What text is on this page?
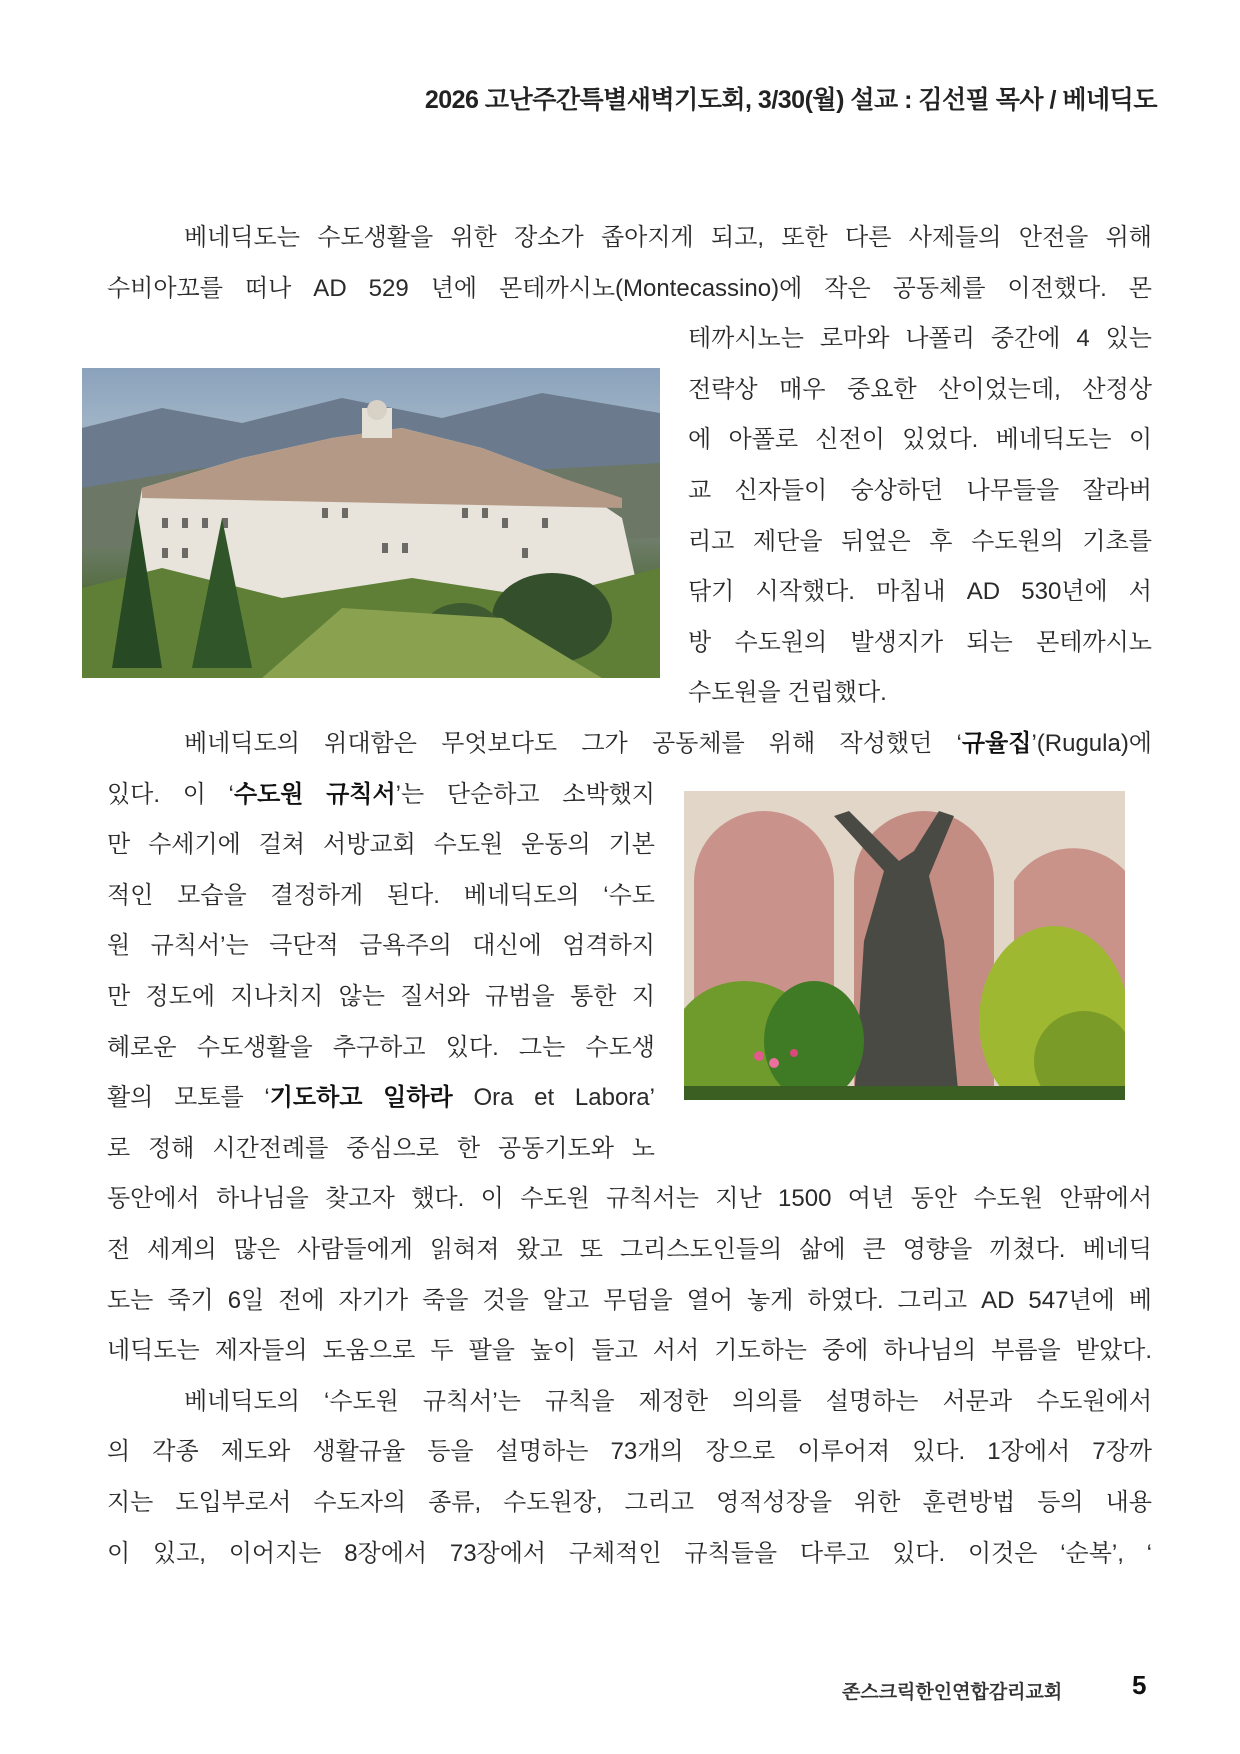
2026 고난주간특별새벽기도회, 3/30(월) 설교 : 김선필 목사 / 베네딕도
베네딕도는 수도생활을 위한 장소가 좁아지게 되고, 또한 다른 사제들의 안전을 위해
수비아꼬를 떠나 AD 529 년에 몬테까시노(Montecassino)에 작은 공동체를 이전했다. 몬
테까시노는 로마와 나폴리 중간에 4 있는
전략상 매우 중요한 산이었는데, 산정상
에 아폴로 신전이 있었다. 베네딕도는 이
교 신자들이 숭상하던 나무들을 잘라버
리고 제단을 뒤엎은 후 수도원의 기초를
닦기 시작했다. 마침내 AD 530년에 서
방 수도원의 발생지가 되는 몬테까시노
수도원을 건립했다.
베네딕도의 위대함은 무엇보다도 그가 공동체를 위해 작성했던 ‘규율집’(Rugula)에
있다. 이 ‘수도원 규칙서’는 단순하고 소박했지
만 수세기에 걸쳐 서방교회 수도원 운동의 기본
적인 모습을 결정하게 된다. 베네딕도의 ‘수도
원 규칙서’는 극단적 금욕주의 대신에 엄격하지
만 정도에 지나치지 않는 질서와 규범을 통한 지
혜로운 수도생활을 추구하고 있다. 그는 수도생
활의 모토를 ‘기도하고 일하라 Ora et Labora’
로 정해 시간전례를 중심으로 한 공동기도와 노
동안에서 하나님을 찾고자 했다. 이 수도원 규칙서는 지난 1500 여년 동안 수도원 안팎에서
전 세계의 많은 사람들에게 읽혀져 왔고 또 그리스도인들의 삶에 큰 영향을 끼쳤다. 베네딕
도는 죽기 6일 전에 자기가 죽을 것을 알고 무덤을 열어 놓게 하였다. 그리고 AD 547년에 베
네딕도는 제자들의 도움으로 두 팔을 높이 들고 서서 기도하는 중에 하나님의 부름을 받았다.
베네딕도의 ‘수도원 규칙서’는 규칙을 제정한 의의를 설명하는 서문과 수도원에서
의 각종 제도와 생활규율 등을 설명하는 73개의 장으로 이루어져 있다. 1장에서 7장까
지는 도입부로서 수도자의 종류, 수도원장, 그리고 영적성장을 위한 훈련방법 등의 내용
이 있고, 이어지는 8장에서 73장에서 구체적인 규칙들을 다루고 있다. 이것은 ‘순복’, ‘
존스크릭한인연합감리교회	5
